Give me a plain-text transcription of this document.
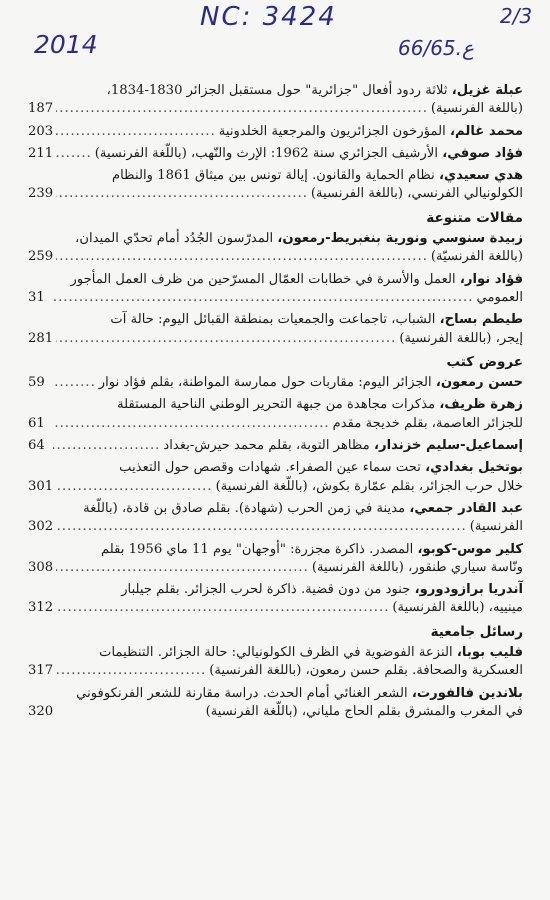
NC: 3424
2014
2/3
66/65.ع
عبلة غزيل، ثلاثة ردود أفعال "جزائرية" حول مستقبل الجزائر 1830-1834،
(باللغة الفرنسية)
.....
187
محمد غالم، المؤرخون الجزائريون والمرجعية الخلدونية
.....
203
فؤاد صوفي، الأرشيف الجزائري سنة 1962: الإرث والنّهب، (باللّغة الفرنسية)
.....
211
هدي سعيدي، نظام الحماية والقانون. إيالة تونس بين ميثاق 1861 والنظام
الكولونيالي الفرنسي، (باللغة الفرنسية)
.....
239
مقالات متنوعة
زبيدة سنوسي ونورية بنغبريط-رمعون، المدرّسون الجُدُد أمام تحدّي الميدان،
(باللغة الفرنسيّة)
.....
259
فؤاد نوار، العمل والأسرة في خطابات العمّال المسرّحين من ظرف العمل المأجور
العمومي
.....
31
طيطم بساح، الشباب، تاجماعت والجمعيات بمنطقة القبائل اليوم: حالة آت
إيجر، (باللغة الفرنسية)
.....
281
عروض كتب
حسن رمعون، الجزائر اليوم: مقاربات حول ممارسة المواطنة، بقلم فؤاد نوار
.....
59
زهرة ظريف، مذكرات مجاهدة من جبهة التحرير الوطني الناحية المستقلة
للجزائر العاصمة، بقلم خديجة مقدم
.....
61
إسماعيل-سليم خزندار، مظاهر التوبة، بقلم محمد حيرش-بغداد
.....
64
بوتخيل بغدادي، تحت سماء عين الصفراء. شهادات وقصص حول التعذيب
خلال حرب الجزائر، بقلم عمّارة بكوش، (باللّغة الفرنسية)
.....
301
عبد القادر جمعي، مدينة في زمن الحرب (شهادة). بقلم صادق بن قادة، (باللّغة
الفرنسية)
.....
302
كلير موس-كوبو، المصدر. ذاكرة مجزرة: "أوجهان" يوم 11 ماي 1956 بقلم
ونّاسة سياري طنقور، (باللغة الفرنسية)
.....
308
آندريا برازودورو، جنود من دون قضية. ذاكرة لحرب الجزائر. بقلم جيلبار
مينييه، (باللغة الفرنسية)
.....
312
رسائل جامعية
فليب بوبا، النزعة الفوضوية في الظرف الكولونيالي: حالة الجزائر. التنظيمات
العسكرية والصحافة. بقلم حسن رمعون، (باللغة الفرنسية)
.....
317
بلاندين فالفورت، الشعر الغنائي أمام الحدث. دراسة مقارنة للشعر الفرنكوفوني
في المغرب والمشرق بقلم الحاج ملياني، (باللّغة الفرنسية)
320
